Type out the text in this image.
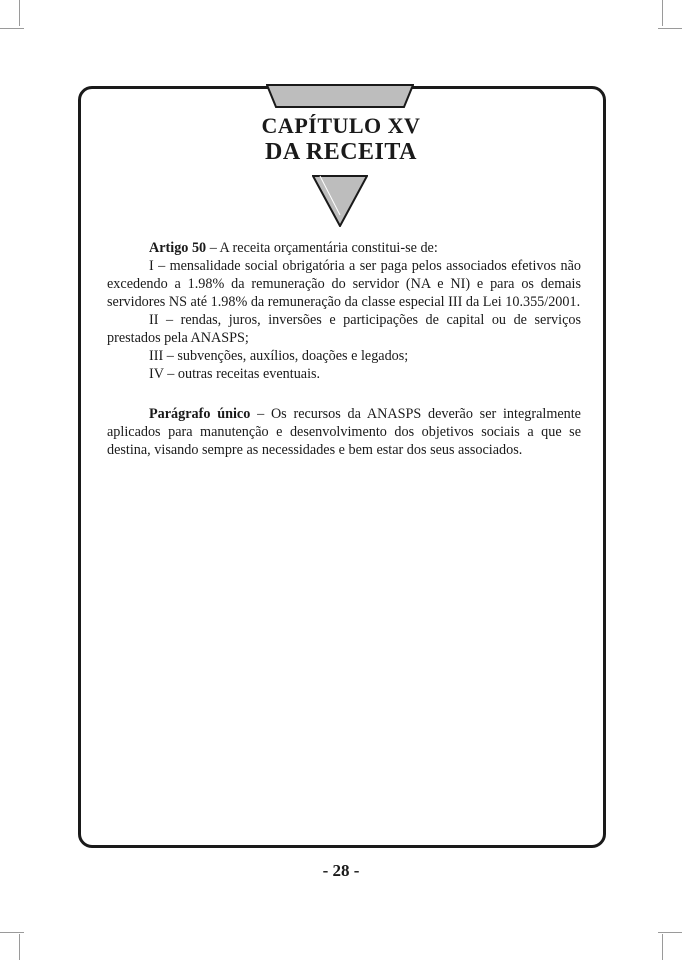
CAPÍTULO XV
DA RECEITA

Artigo 50 – A receita orçamentária constitui-se de:

I – mensalidade social obrigatória a ser paga pelos associados efetivos não excedendo a 1.98% da remuneração do servidor (NA e NI) e para os demais servidores NS até 1.98% da remuneração da classe especial III da Lei 10.355/2001.

II – rendas, juros, inversões e participações de capital ou de serviços prestados pela ANASPS;

III – subvenções, auxílios, doações e legados;

IV – outras receitas eventuais.

Parágrafo único – Os recursos da ANASPS deverão ser integralmente aplicados para manutenção e desenvolvimento dos objetivos sociais a que se destina, visando sempre as necessidades e bem estar dos seus associados.

- 28 -
